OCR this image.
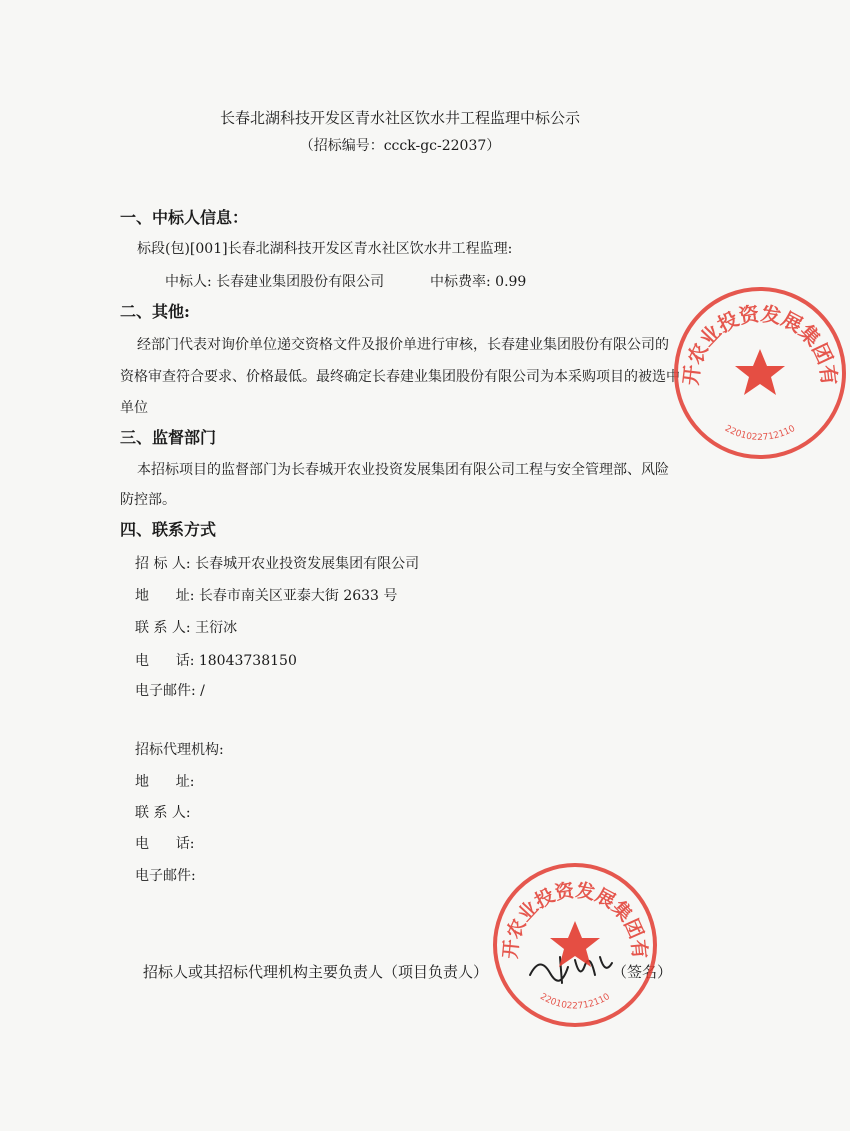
长春北湖科技开发区青水社区饮水井工程监理中标公示
（招标编号：ccck-gc-22037）
一、中标人信息：
标段(包)[001]长春北湖科技开发区青水社区饮水井工程监理:
中标人: 长春建业集团股份有限公司	中标费率: 0.99
二、其他:
经部门代表对询价单位递交资格文件及报价单进行审核，长春建业集团股份有限公司的
资格审查符合要求、价格最低。最终确定长春建业集团股份有限公司为本采购项目的被选中
单位
三、监督部门
本招标项目的监督部门为长春城开农业投资发展集团有限公司工程与安全管理部、风险
防控部。
四、联系方式
招 标 人: 长春城开农业投资发展集团有限公司
地      址: 长春市南关区亚泰大街 2633 号
联 系 人: 王衍冰
电      话: 18043738150
电子邮件: /
招标代理机构:
地      址:
联 系 人:
电      话:
电子邮件:
招标人或其招标代理机构主要负责人（项目负责人）	（签名）
开农业投资发展集团有
2201022712110
开农业投资发展集团有
2201022712110
